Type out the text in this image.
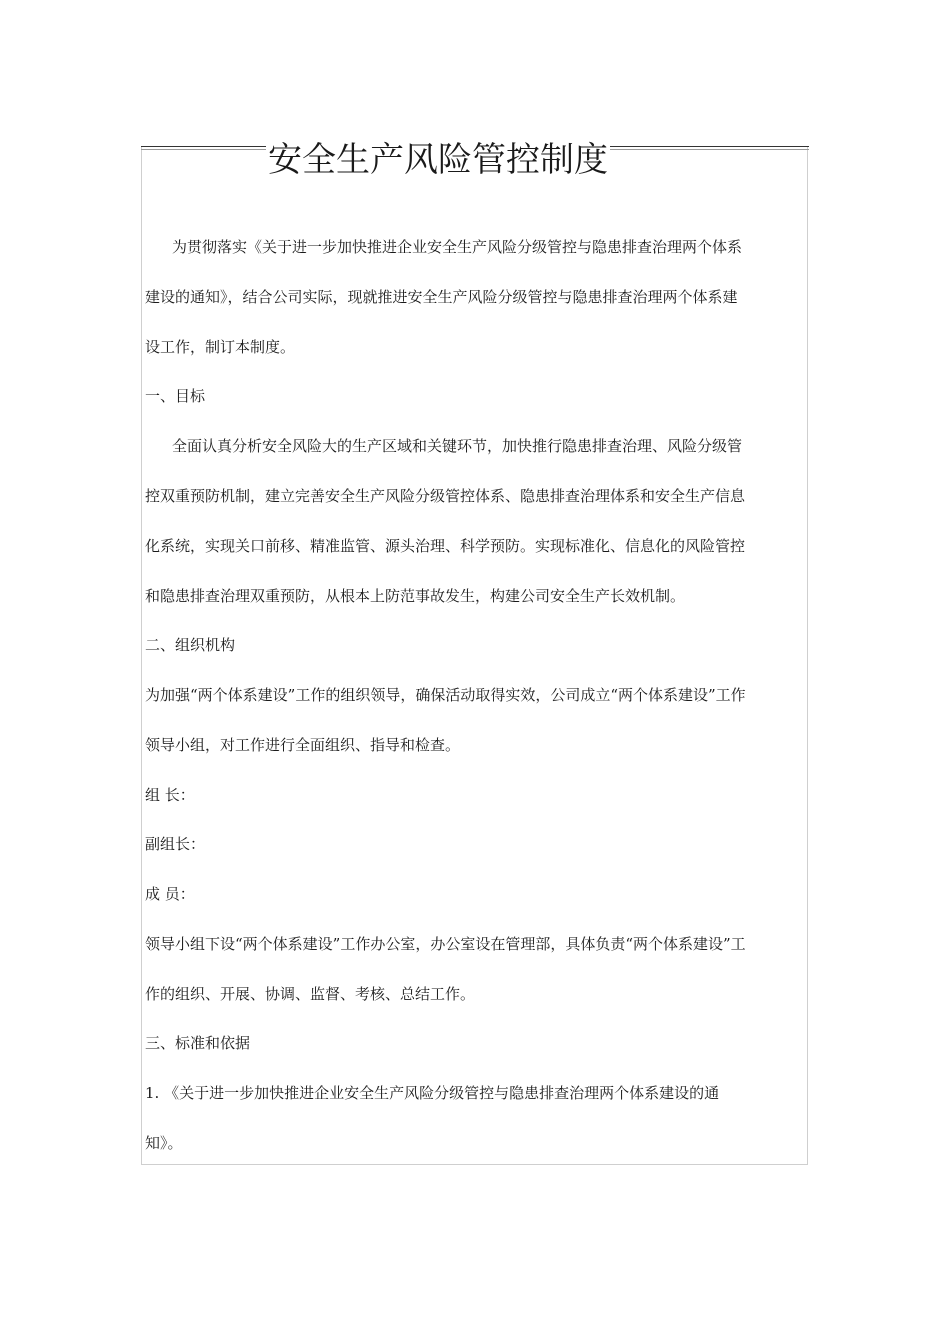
安全生产风险管控制度
为贯彻落实《关于进一步加快推进企业安全生产风险分级管控与隐患排查治理两个体系
建设的通知》，结合公司实际，现就推进安全生产风险分级管控与隐患排查治理两个体系建
设工作，制订本制度。
一、目标
全面认真分析安全风险大的生产区域和关键环节，加快推行隐患排查治理、风险分级管
控双重预防机制，建立完善安全生产风险分级管控体系、隐患排查治理体系和安全生产信息
化系统，实现关口前移、精准监管、源头治理、科学预防。实现标准化、信息化的风险管控
和隐患排查治理双重预防，从根本上防范事故发生，构建公司安全生产长效机制。
二、组织机构
为加强“两个体系建设”工作的组织领导，确保活动取得实效，公司成立“两个体系建设”工作
领导小组，对工作进行全面组织、指导和检查。
组 长：
副组长：
成 员：
领导小组下设“两个体系建设”工作办公室，办公室设在管理部，具体负责“两个体系建设”工
作的组织、开展、协调、监督、考核、总结工作。
三、标准和依据
1. 《关于进一步加快推进企业安全生产风险分级管控与隐患排查治理两个体系建设的通
知》。
